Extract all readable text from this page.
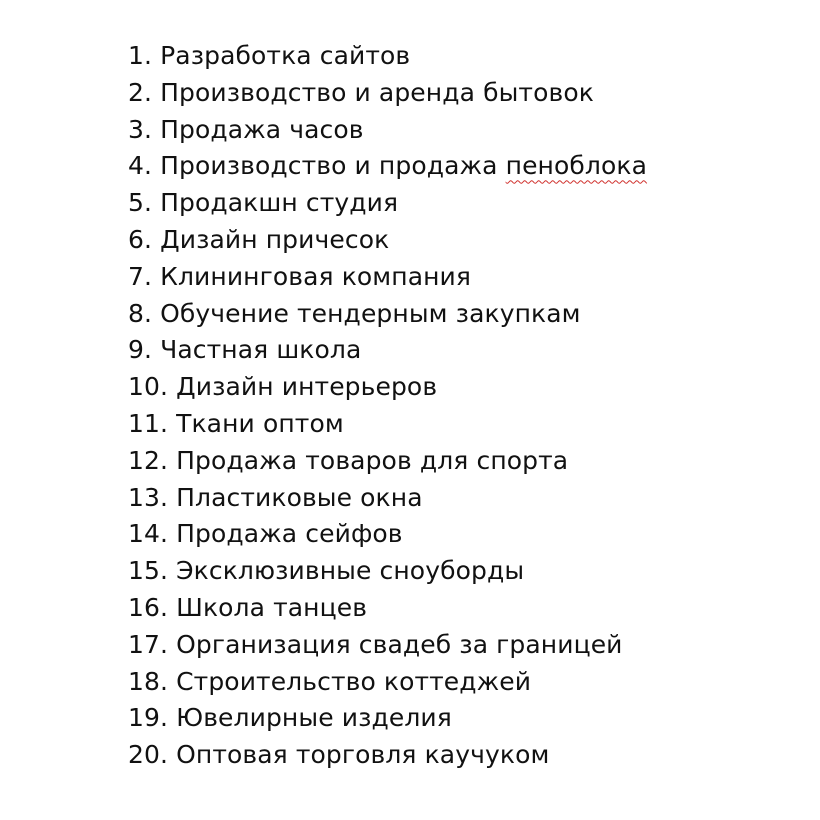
1. Разработка сайтов
2. Производство и аренда бытовок
3. Продажа часов
4. Производство и продажа пеноблока
5. Продакшн студия
6. Дизайн причесок
7. Клининговая компания
8. Обучение тендерным закупкам
9. Частная школа
10. Дизайн интерьеров
11. Ткани оптом
12. Продажа товаров для спорта
13. Пластиковые окна
14. Продажа сейфов
15. Эксклюзивные сноуборды
16. Школа танцев
17. Организация свадеб за границей
18. Строительство коттеджей
19. Ювелирные изделия
20. Оптовая торговля каучуком
